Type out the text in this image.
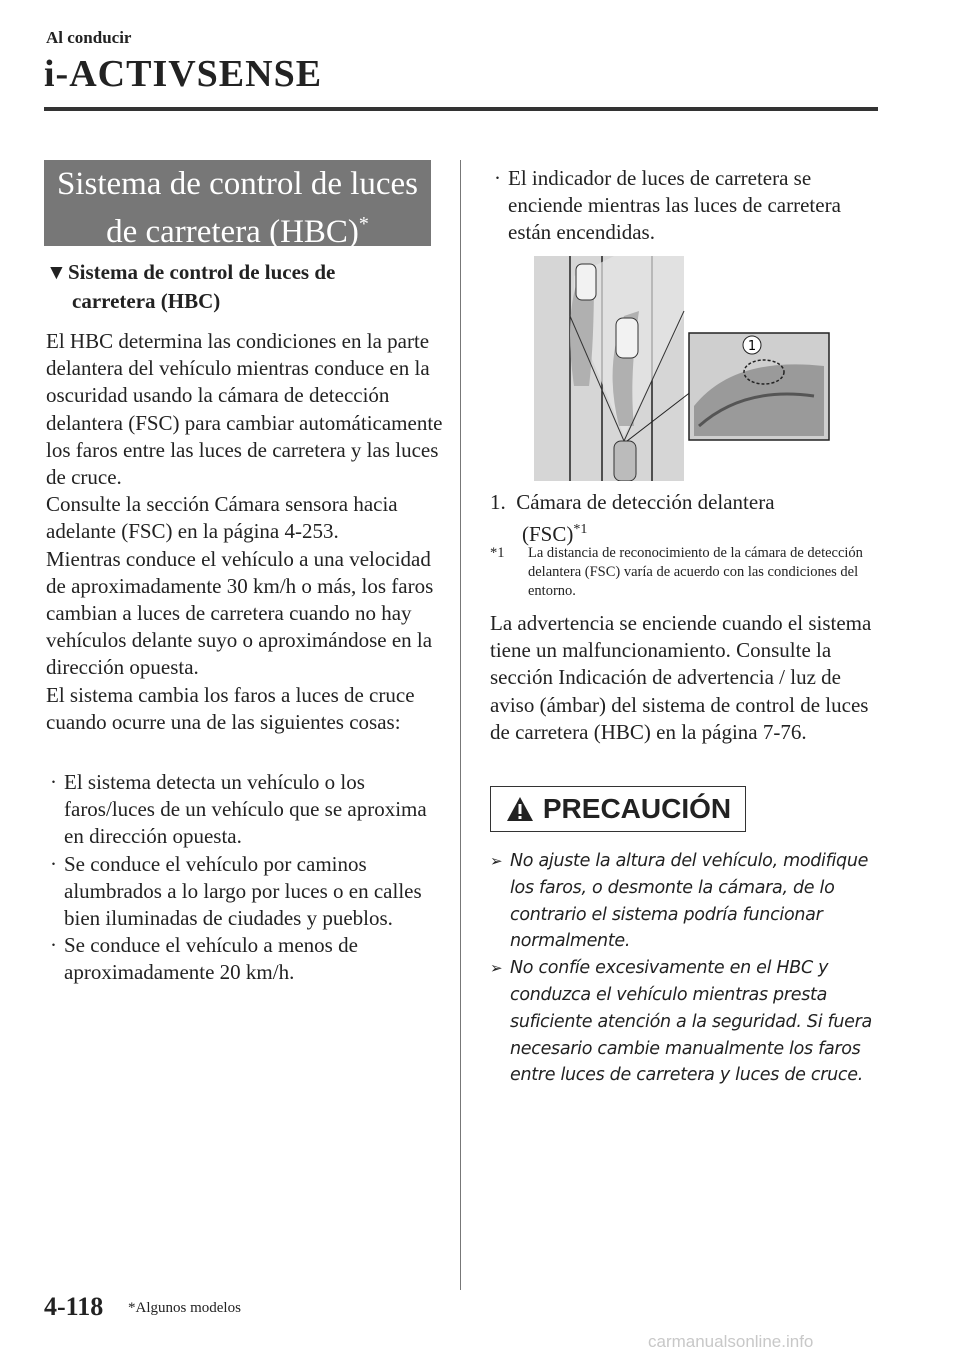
Al conducir
i-ACTIVSENSE
Sistema de control de luces
de carretera (HBC)*
▼Sistema de control de luces de
carretera (HBC)

El HBC determina las condiciones en la parte delantera del vehículo mientras conduce en la oscuridad usando la cámara de detección delantera (FSC) para cambiar automáticamente los faros entre las luces de carretera y las luces de cruce.

Consulte la sección Cámara sensora hacia adelante (FSC) en la página 4-253.

Mientras conduce el vehículo a una velocidad de aproximadamente 30 km/h o más, los faros cambian a luces de carretera cuando no hay vehículos delante suyo o aproximándose en la dirección opuesta.

El sistema cambia los faros a luces de cruce cuando ocurre una de las siguientes cosas:

· El sistema detecta un vehículo o los faros/luces de un vehículo que se aproxima en dirección opuesta.
· Se conduce el vehículo por caminos alumbrados a lo largo por luces o en calles bien iluminadas de ciudades y pueblos.
· Se conduce el vehículo a menos de aproximadamente 20 km/h.
· El indicador de luces de carretera se enciende mientras las luces de carretera están encendidas.
1
1. Cámara de detección delantera
(FSC)$^{*1}$
*1	La distancia de reconocimiento de la cámara de detección delantera (FSC) varía de acuerdo con las condiciones del entorno.
La advertencia se enciende cuando el sistema tiene un malfuncionamiento. Consulte la sección Indicación de advertencia / luz de aviso (ámbar) del sistema de control de luces de carretera (HBC) en la página 7-76.
PRECAUCIÓN
➢ No ajuste la altura del vehículo, modifique los faros, o desmonte la cámara, de lo contrario el sistema podría funcionar normalmente.
➢ No confíe excesivamente en el HBC y conduzca el vehículo mientras presta suficiente atención a la seguridad. Si fuera necesario cambie manualmente los faros entre luces de carretera y luces de cruce.
4-118 *Algunos modelos
carmanualsonline.info
